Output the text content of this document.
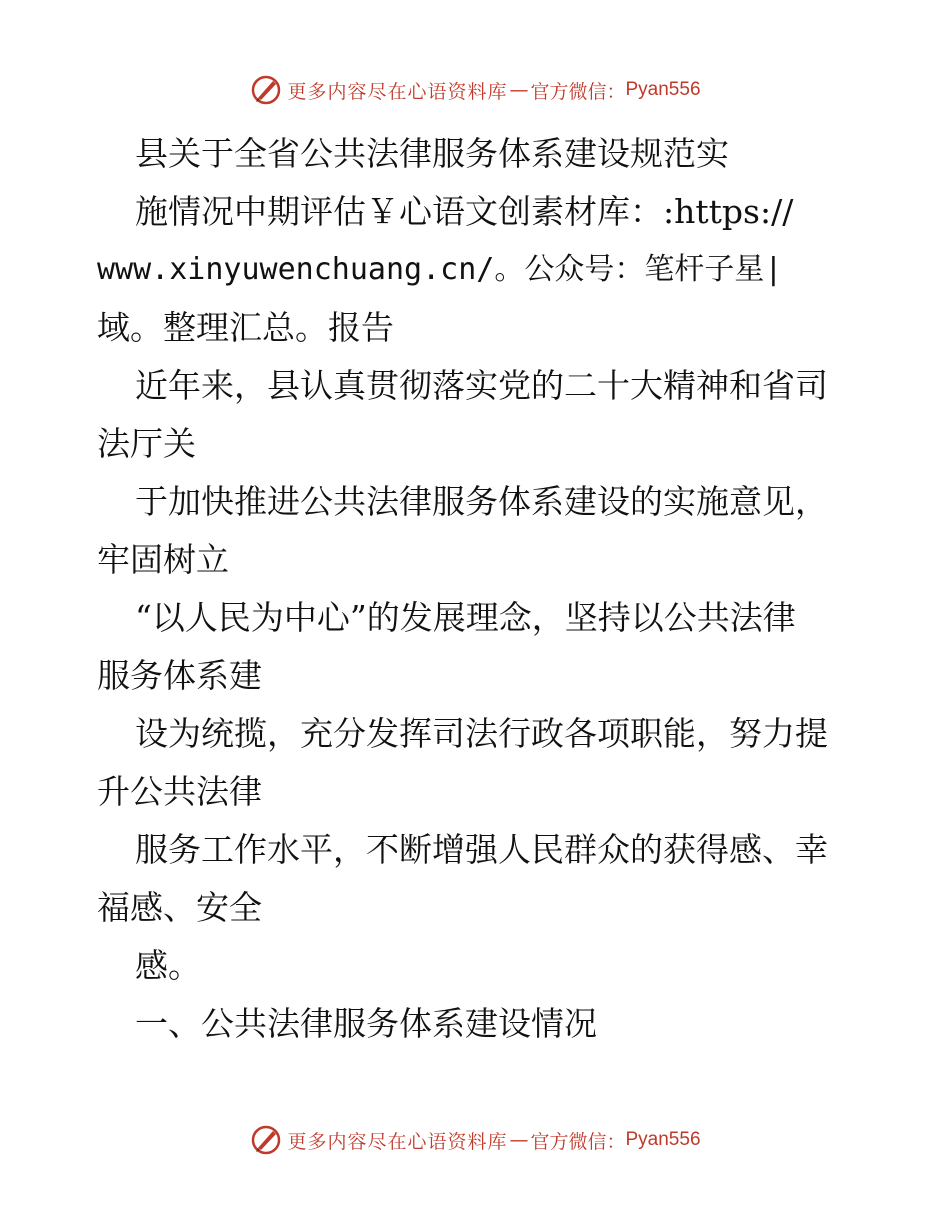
更多内容尽在心语资料库 — 官方微信： Pyan556
县关于全省公共法律服务体系建设规范实
施情况中期评估￥心语文创素材库：:https://
www.xinyuwenchuang.cn/。公众号：笔杆子星|
域。整理汇总。报告
近年来，县认真贯彻落实党的二十大精神和省司
法厅关
于加快推进公共法律服务体系建设的实施意见，
牢固树立
“以人民为中心”的发展理念，坚持以公共法律
服务体系建
设为统揽，充分发挥司法行政各项职能，努力提
升公共法律
服务工作水平，不断增强人民群众的获得感、幸
福感、安全
感。
一、公共法律服务体系建设情况
更多内容尽在心语资料库 — 官方微信： Pyan556
